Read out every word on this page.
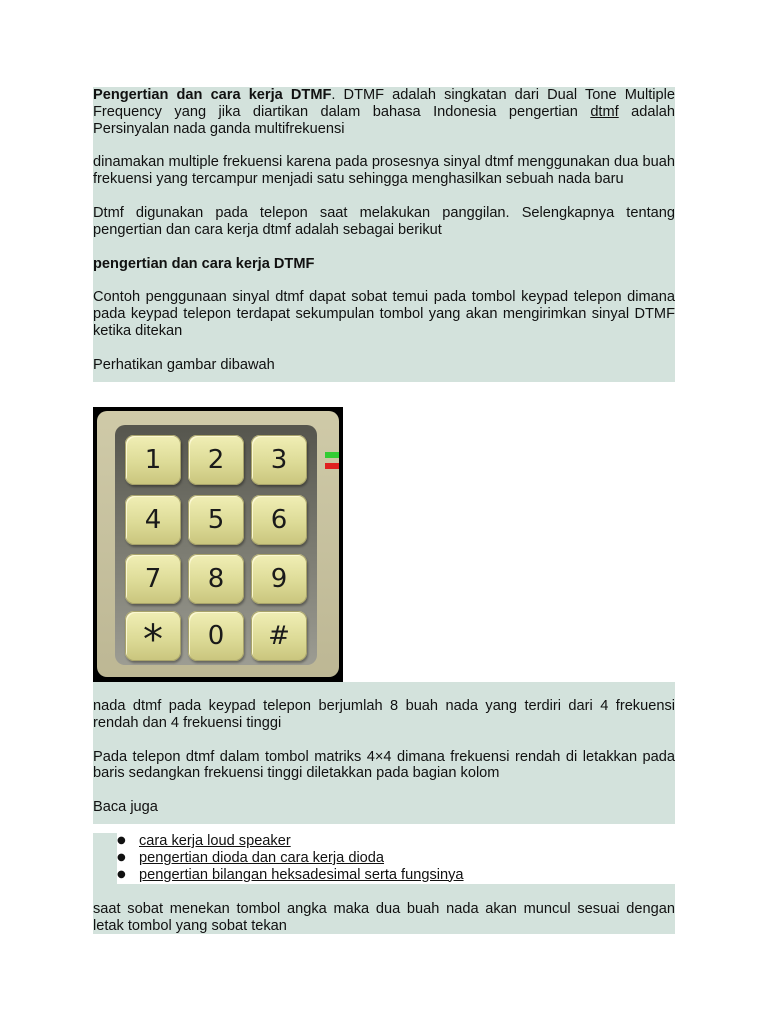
Pengertian dan cara kerja DTMF. DTMF adalah singkatan dari Dual Tone Multiple Frequency yang jika diartikan dalam bahasa Indonesia pengertian dtmf adalah Persinyalan nada ganda multifrekuensi

dinamakan multiple frekuensi karena pada prosesnya sinyal dtmf menggunakan dua buah frekuensi yang tercampur menjadi satu sehingga menghasilkan sebuah nada baru

Dtmf digunakan pada telepon saat melakukan panggilan. Selengkapnya tentang pengertian dan cara kerja dtmf adalah sebagai berikut

pengertian dan cara kerja DTMF

Contoh penggunaan sinyal dtmf dapat sobat temui pada tombol keypad telepon dimana pada keypad telepon terdapat sekumpulan tombol yang akan mengirimkan sinyal DTMF ketika ditekan

Perhatikan gambar dibawah

1	2	3
4	5	6
7	8	9
*	0	#

nada dtmf pada keypad telepon berjumlah 8 buah nada yang terdiri dari 4 frekuensi rendah dan 4 frekuensi tinggi

Pada telepon dtmf dalam tombol matriks 4×4 dimana frekuensi rendah di letakkan pada baris sedangkan frekuensi tinggi diletakkan pada bagian kolom

Baca juga

● cara kerja loud speaker
● pengertian dioda dan cara kerja dioda
● pengertian bilangan heksadesimal serta fungsinya

saat sobat menekan tombol angka maka dua buah nada akan muncul sesuai dengan letak tombol yang sobat tekan
